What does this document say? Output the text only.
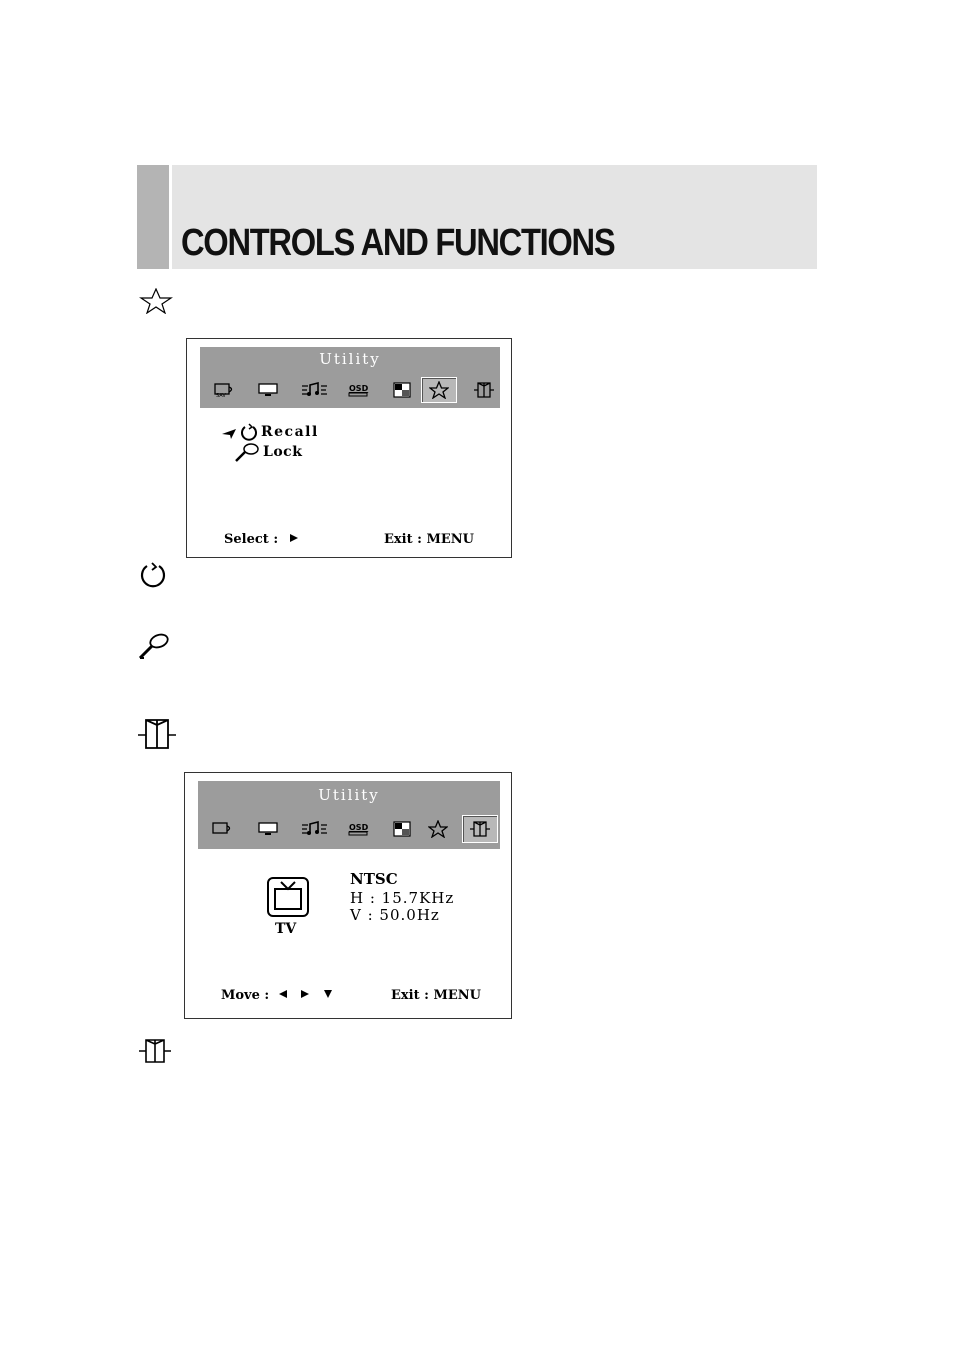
CONTROLS AND FUNCTIONS
Utility
SAV
OSD
Recall
Lock
Select :	Exit : MENU
Utility
OSD
TV
NTSC
H : 15.7KHz
V : 50.0Hz
Move :	Exit : MENU
